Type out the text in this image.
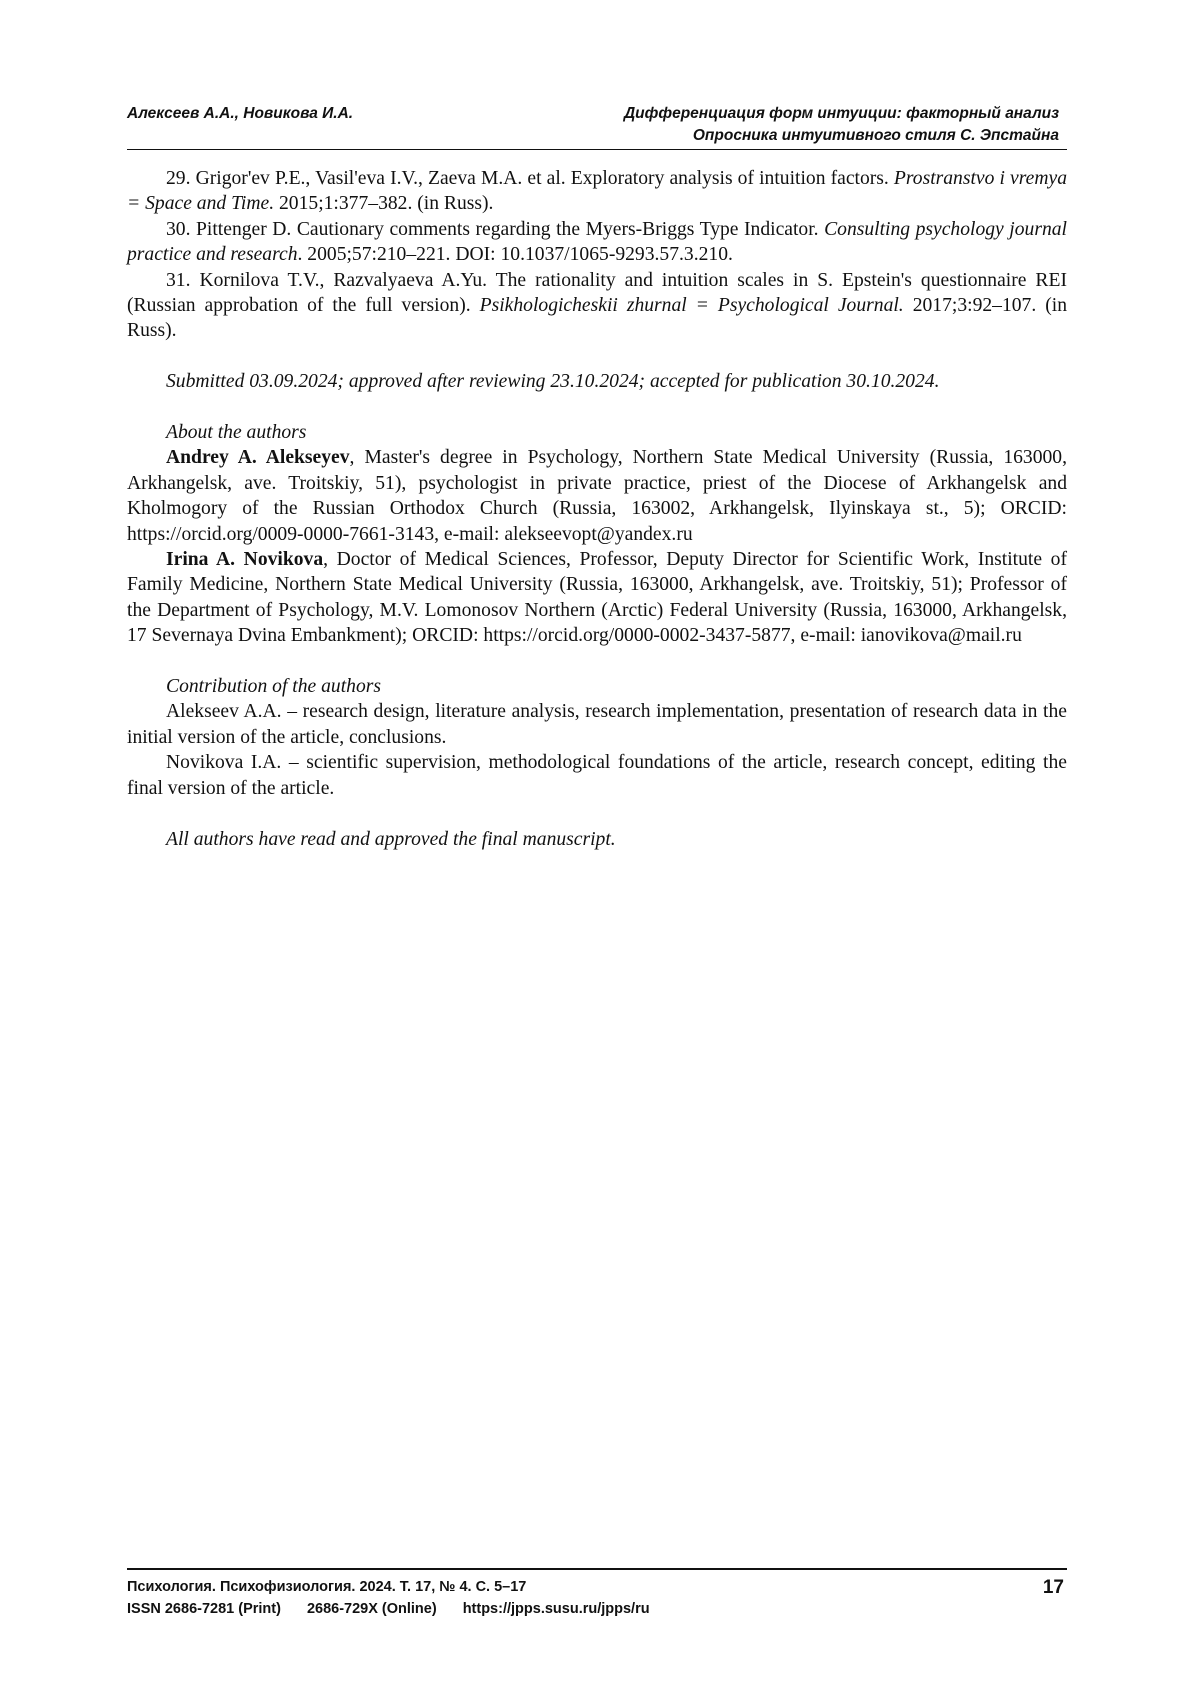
Алексеев А.А., Новикова И.А.	Дифференциация форм интуиции: факторный анализ
Опросника интуитивного стиля С. Эпстайна

29. Grigor'ev P.E., Vasil'eva I.V., Zaeva M.A. et al. Exploratory analysis of intuition factors. Prostranstvo i vremya = Space and Time. 2015;1:377–382. (in Russ).

30. Pittenger D. Cautionary comments regarding the Myers-Briggs Type Indicator. Consulting psychology journal practice and research. 2005;57:210–221. DOI: 10.1037/1065-9293.57.3.210.

31. Kornilova T.V., Razvalyaeva A.Yu. The rationality and intuition scales in S. Epstein's questionnaire REI (Russian approbation of the full version). Psikhologicheskii zhurnal = Psychological Journal. 2017;3:92–107. (in Russ).

Submitted 03.09.2024; approved after reviewing 23.10.2024; accepted for publication 30.10.2024.

About the authors

Andrey A. Alekseyev, Master's degree in Psychology, Northern State Medical University (Russia, 163000, Arkhangelsk, ave. Troitskiy, 51), psychologist in private practice, priest of the Diocese of Arkhangelsk and Kholmogory of the Russian Orthodox Church (Russia, 163002, Arkhangelsk, Ilyinskaya st., 5); ORCID: https://orcid.org/0009-0000-7661-3143, e-mail: alekseevopt@yandex.ru

Irina A. Novikova, Doctor of Medical Sciences, Professor, Deputy Director for Scientific Work, Institute of Family Medicine, Northern State Medical University (Russia, 163000, Arkhangelsk, ave. Troitskiy, 51); Professor of the Department of Psychology, M.V. Lomonosov Northern (Arctic) Federal University (Russia, 163000, Arkhangelsk, 17 Severnaya Dvina Embankment); ORCID: https://orcid.org/0000-0002-3437-5877, e-mail: ianovikova@mail.ru

Contribution of the authors

Alekseev A.A. – research design, literature analysis, research implementation, presentation of research data in the initial version of the article, conclusions.

Novikova I.A. – scientific supervision, methodological foundations of the article, research concept, editing the final version of the article.

All authors have read and approved the final manuscript.

Психология. Психофизиология. 2024. Т. 17, № 4. С. 5–17
ISSN 2686-7281 (Print) 2686-729X (Online) https://jpps.susu.ru/jpps/ru
17
